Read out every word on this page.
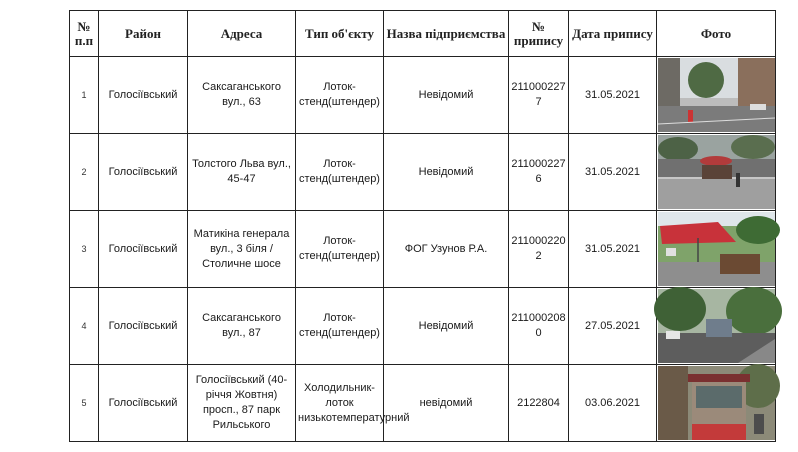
№ п.п	Район	Адреса	Тип об'єкту	Назва підприємства	№ припису	Дата припису	Фото
1	Голосіївський	Саксаганського вул., 63	Лоток-стенд(штендер)	Невідомий	2110002277	31.05.2021	

2	Голосіївський	Толстого Льва вул., 45-47	Лоток-стенд(штендер)	Невідомий	2110002276	31.05.2021	

3	Голосіївський	Матикіна генерала вул., 3 біля / Столичне шосе	Лоток-стенд(штендер)	ФОГ Узунов Р.А.	2110002202	31.05.2021	

4	Голосіївський	Саксаганського вул., 87	Лоток-стенд(штендер)	Невідомий	2110002080	27.05.2021	

5	Голосіївський	Голосіївський (40-річчя Жовтня) просп., 87 парк Рильського	Холодильник-лоток низькотемпературний	невідомий	2122804	03.06.2021	
